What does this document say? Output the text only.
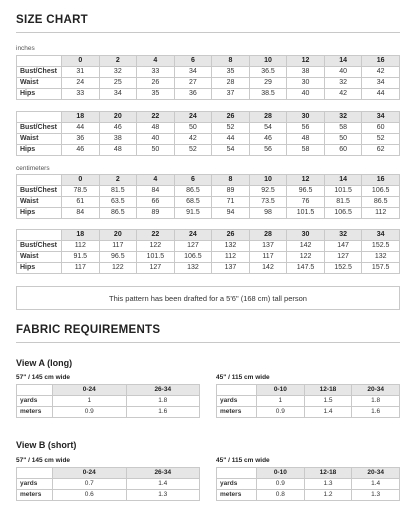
SIZE CHART
inches
	0	2	4	6	8	10	12	14	16
Bust/Chest	31	32	33	34	35	36.5	38	40	42
Waist	24	25	26	27	28	29	30	32	34
Hips	33	34	35	36	37	38.5	40	42	44
	18	20	22	24	26	28	30	32	34
Bust/Chest	44	46	48	50	52	54	56	58	60
Waist	36	38	40	42	44	46	48	50	52
Hips	46	48	50	52	54	56	58	60	62
centimeters
	0	2	4	6	8	10	12	14	16
Bust/Chest	78.5	81.5	84	86.5	89	92.5	96.5	101.5	106.5
Waist	61	63.5	66	68.5	71	73.5	76	81.5	86.5
Hips	84	86.5	89	91.5	94	98	101.5	106.5	112
	18	20	22	24	26	28	30	32	34
Bust/Chest	112	117	122	127	132	137	142	147	152.5
Waist	91.5	96.5	101.5	106.5	112	117	122	127	132
Hips	117	122	127	132	137	142	147.5	152.5	157.5
This pattern has been drafted for a 5'6" (168 cm) tall person
FABRIC REQUIREMENTS
View A (long)
57" / 145 cm wide
	0-24	26-34
yards	1	1.8
meters	0.9	1.6
45" / 115 cm wide
	0-10	12-18	20-34
yards	1	1.5	1.8
meters	0.9	1.4	1.6
View B (short)
57" / 145 cm wide
	0-24	26-34
yards	0.7	1.4
meters	0.6	1.3
45" / 115 cm wide
	0-10	12-18	20-34
yards	0.9	1.3	1.4
meters	0.8	1.2	1.3
